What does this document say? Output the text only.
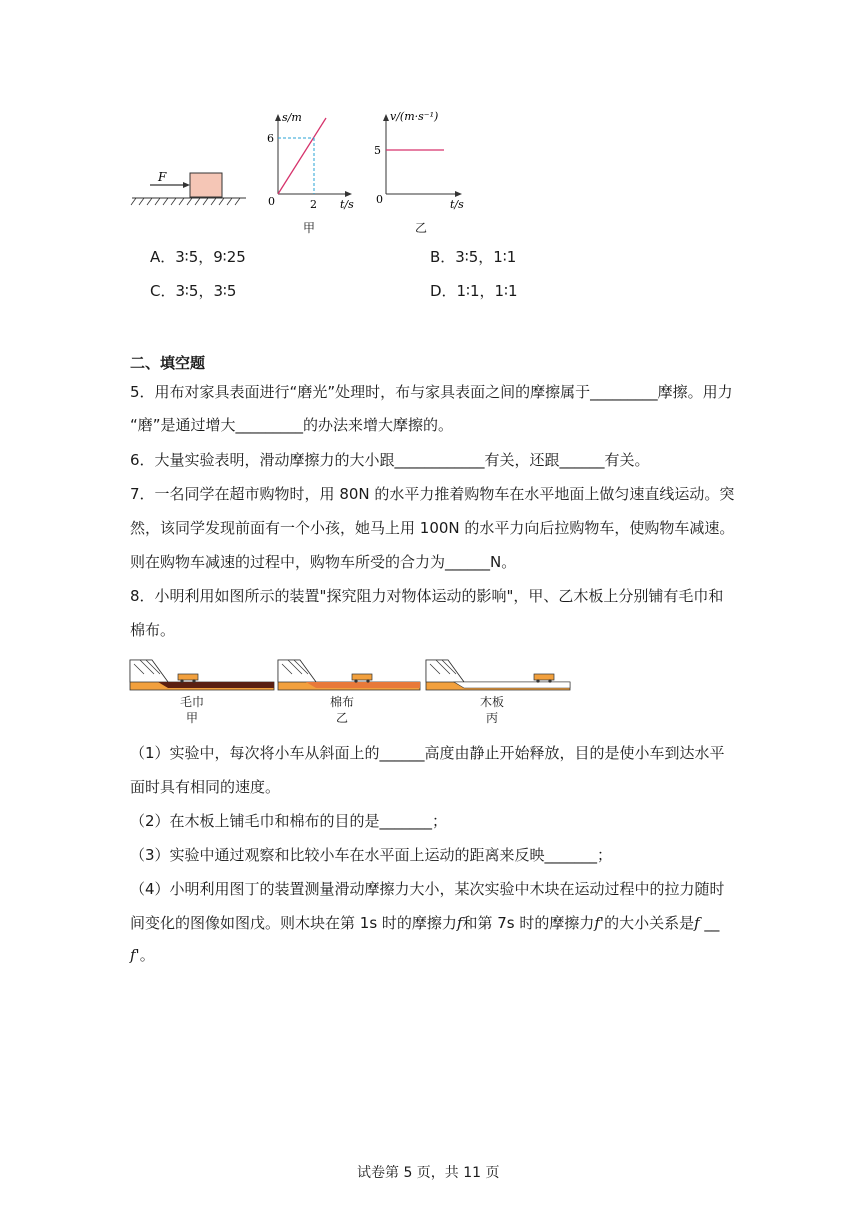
F
s/m
t/s
0
6
2
甲
v/(m·s⁻¹)
t/s
0
5
乙
A．3∶5，9∶25	B．3∶5，1∶1
C．3∶5，3∶5	D．1∶1，1∶1
二、填空题
5．用布对家具表面进行“磨光”处理时，布与家具表面之间的摩擦属于_________摩擦。用力
“磨”是通过增大_________的办法来增大摩擦的。
6．大量实验表明，滑动摩擦力的大小跟____________有关，还跟______有关。
7．一名同学在超市购物时，用 80N 的水平力推着购物车在水平地面上做匀速直线运动。突
然，该同学发现前面有一个小孩，她马上用 100N 的水平力向后拉购物车，使购物车减速。
则在购物车减速的过程中，购物车所受的合力为______N。
8．小明利用如图所示的装置"探究阻力对物体运动的影响"，甲、乙木板上分别铺有毛巾和
棉布。
毛巾
甲
棉布
乙
木板
丙
（1）实验中，每次将小车从斜面上的______高度由静止开始释放，目的是使小车到达水平
面时具有相同的速度。
（2）在木板上铺毛巾和棉布的目的是_______；
（3）实验中通过观察和比较小车在水平面上运动的距离来反映_______；
（4）小明利用图丁的装置测量滑动摩擦力大小，某次实验中木块在运动过程中的拉力随时
间变化的图像如图戊。则木块在第 1s 时的摩擦力f和第 7s 时的摩擦力f'的大小关系是f __
f'。
试卷第 5 页，共 11 页
